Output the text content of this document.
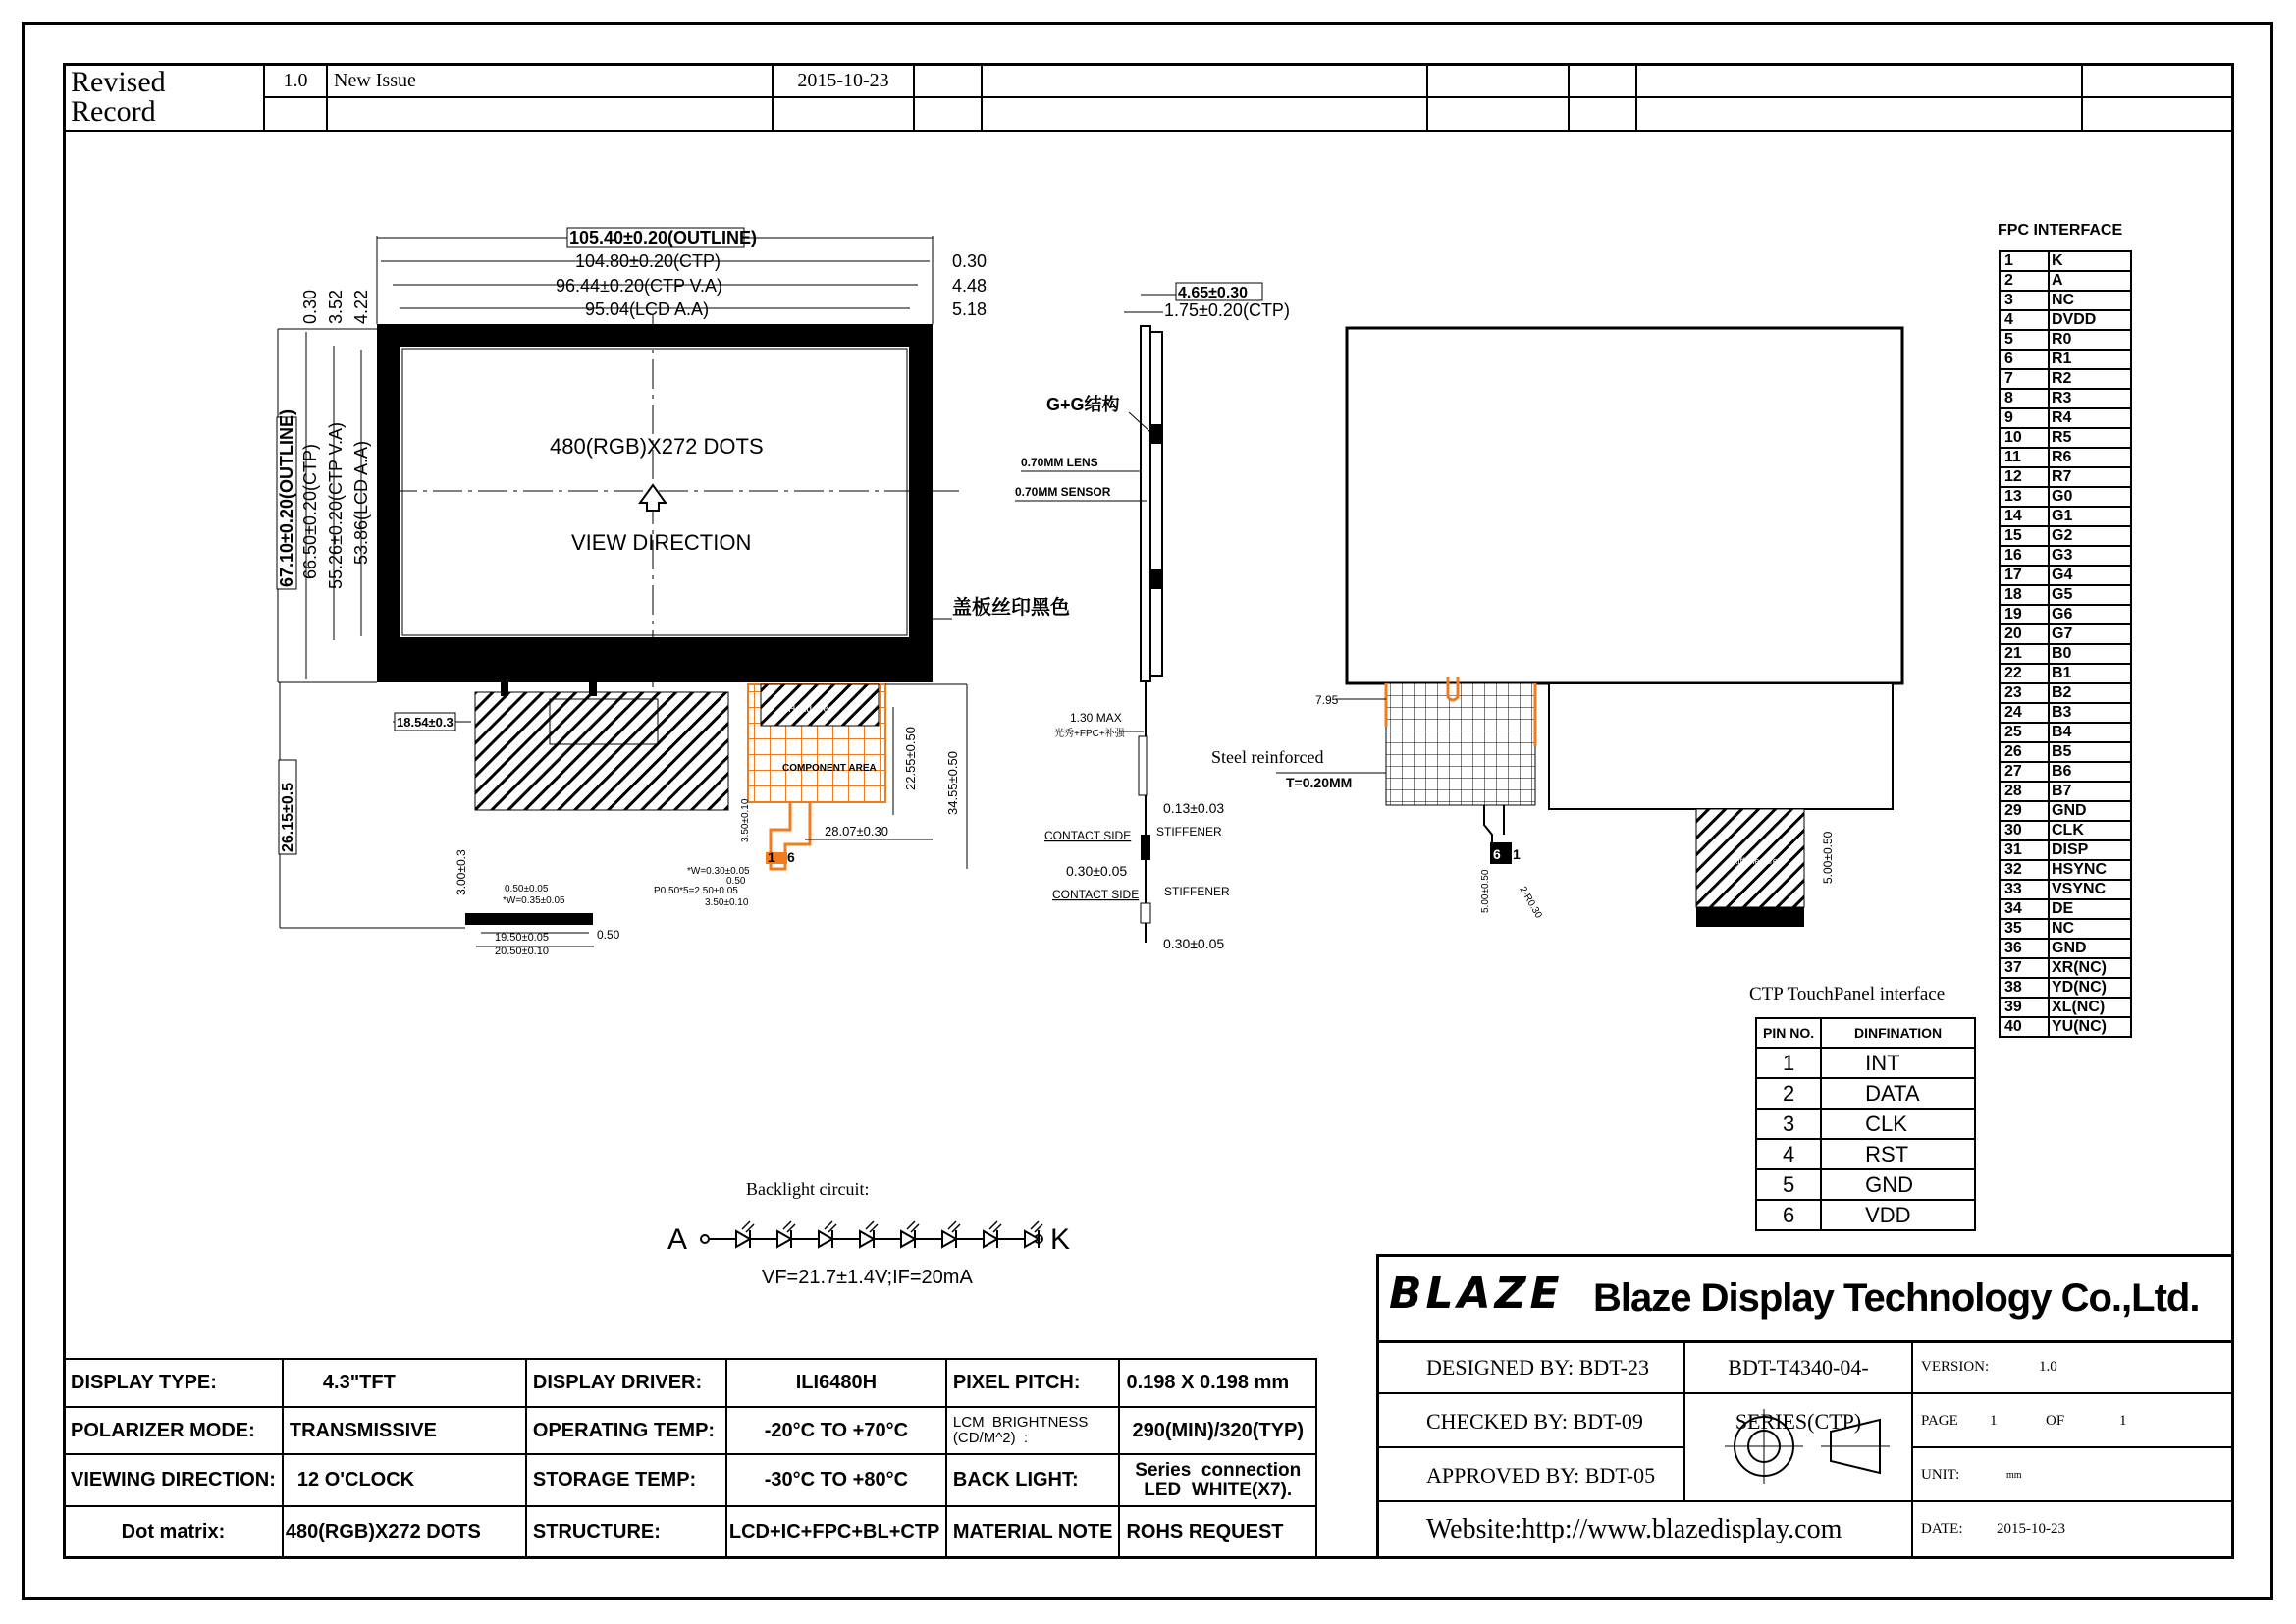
Revised
Record	1.0	New Issue	2015-10-23						

480(RGB)X272 DOTS
VIEW DIRECTION
105.40±0.20(OUTLINE)
104.80±0.20(CTP)
96.44±0.20(CTP V.A)
95.04(LCD A.A)
0.30
4.48
5.18
0.30 3.52 4.22
67.10±0.20(OUTLINE) 66.50±0.20(CTP) 55.26±0.20(CTP V.A) 53.86(LCD A.A)
盖板丝印黑色
Hand area
COMPONENT AREA
1 6
18.54±0.3
26.15±0.5
3.00±0.3	0.50±0.05
*W=0.35±0.05
19.50±0.05
20.50±0.10
0.50
22.55±0.50 34.55±0.50
28.07±0.30
3.50±0.10
*W=0.30±0.05
0.50
P0.50*5=2.50±0.05
3.50±0.10
4.65±0.30
1.75±0.20(CTP)
G+G结构
0.70MM LENS
0.70MM SENSOR
1.30 MAX
光秀+FPC+补强
0.13±0.03
CONTACT SIDE STIFFENER
0.30±0.05
CONTACT SIDE STIFFENER
0.30±0.05
6 1
7.95
Steel reinforced
T=0.20MM
Stiffener area
5.00±0.50
5.00±0.50
2-R0.30
Backlight circuit:
A	K
VF=21.7±1.4V;IF=20mA
FPC INTERFACE
1	K
2	A
3	NC
4	DVDD
5	R0
6	R1
7	R2
8	R3
9	R4
10	R5
11	R6
12	R7
13	G0
14	G1
15	G2
16	G3
17	G4
18	G5
19	G6
20	G7
21	B0
22	B1
23	B2
24	B3
25	B4
26	B5
27	B6
28	B7
29	GND
30	CLK
31	DISP
32	HSYNC
33	VSYNC
34	DE
35	NC
36	GND
37	XR(NC)
38	YD(NC)
39	XL(NC)
40	YU(NC)
CTP TouchPanel interface
PIN NO.	DINFINATION
1	INT
2	DATA
3	CLK
4	RST
5	GND
6	VDD
DISPLAY TYPE:	4.3"TFT	DISPLAY DRIVER:	ILI6480H	PIXEL PITCH:	0.198 X 0.198 mm
POLARIZER MODE:	TRANSMISSIVE	OPERATING TEMP:	-20°C TO +70°C	LCM  BRIGHTNESS
(CD/M^2)  :	290(MIN)/320(TYP)
VIEWING DIRECTION:	12 O'CLOCK	STORAGE TEMP:	-30°C TO +80°C	BACK LIGHT:	Series  connection
LED  WHITE(X7).
Dot matrix:	480(RGB)X272 DOTS	STRUCTURE:	LCD+IC+FPC+BL+CTP	MATERIAL NOTE	ROHS REQUEST
BLAZE Blaze Display Technology Co.,Ltd.
DESIGNED BY: BDT-23
CHECKED BY: BDT-09
APPROVED BY: BDT-05
BDT-T4340-04-SERIES(CTP)
Website:http://www.blazedisplay.com
VERSION:	1.0
PAGE 1	OF	1
UNIT:	mm
DATE: 2015-10-23
